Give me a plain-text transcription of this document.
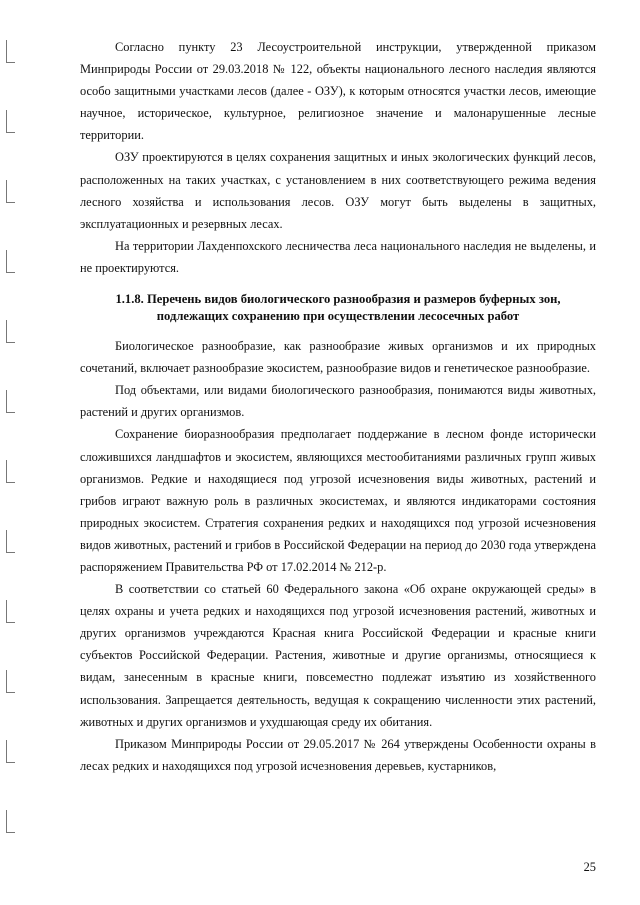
Согласно пункту 23 Лесоустроительной инструкции, утвержденной приказом Минприроды России от 29.03.2018 № 122, объекты национального лесного наследия являются особо защитными участками лесов (далее - ОЗУ), к которым относятся участки лесов, имеющие научное, историческое, культурное, религиозное значение и малонарушенные лесные территории.

ОЗУ проектируются в целях сохранения защитных и иных экологических функций лесов, расположенных на таких участках, с установлением в них соответствующего режима ведения лесного хозяйства и использования лесов. ОЗУ могут быть выделены в защитных, эксплуатационных и резервных лесах.

На территории Лахденпохского лесничества леса национального наследия не выделены, и не проектируются.

1.1.8. Перечень видов биологического разнообразия и размеров буферных зон, подлежащих сохранению при осуществлении лесосечных работ

Биологическое разнообразие, как разнообразие живых организмов и их природных сочетаний, включает разнообразие экосистем, разнообразие видов и генетическое разнообразие.

Под объектами, или видами биологического разнообразия, понимаются виды животных, растений и других организмов.

Сохранение биоразнообразия предполагает поддержание в лесном фонде исторически сложившихся ландшафтов и экосистем, являющихся местообитаниями различных групп живых организмов. Редкие и находящиеся под угрозой исчезновения виды животных, растений и грибов играют важную роль в различных экосистемах, и являются индикаторами состояния природных экосистем. Стратегия сохранения редких и находящихся под угрозой исчезновения видов животных, растений и грибов в Российской Федерации на период до 2030 года утверждена распоряжением Правительства РФ от 17.02.2014 № 212-р.

В соответствии со статьей 60 Федерального закона «Об охране окружающей среды» в целях охраны и учета редких и находящихся под угрозой исчезновения растений, животных и других организмов учреждаются Красная книга Российской Федерации и красные книги субъектов Российской Федерации. Растения, животные и другие организмы, относящиеся к видам, занесенным в красные книги, повсеместно подлежат изъятию из хозяйственного использования. Запрещается деятельность, ведущая к сокращению численности этих растений, животных и других организмов и ухудшающая среду их обитания.

Приказом Минприроды России от 29.05.2017 № 264 утверждены Особенности охраны в лесах редких и находящихся под угрозой исчезновения деревьев, кустарников,

25
